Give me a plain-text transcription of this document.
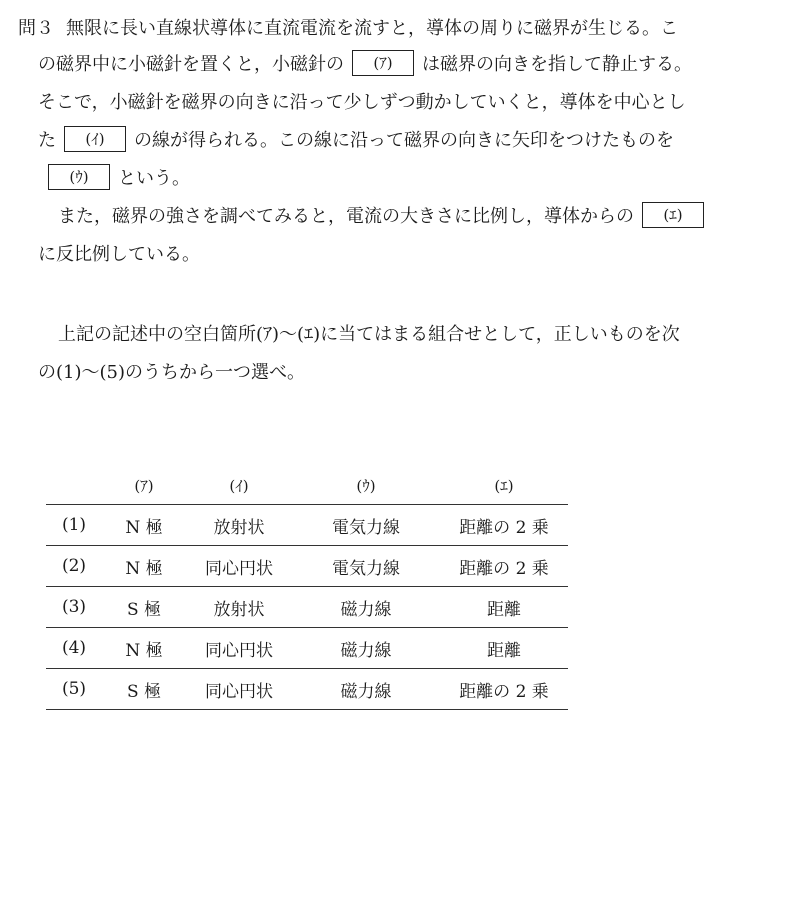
問３ 無限に長い直線状導体に直流電流を流すと，導体の周りに磁界が生じる。こ
の磁界中に小磁針を置くと，小磁針の (ｱ) は磁界の向きを指して静止する。
そこで，小磁針を磁界の向きに沿って少しずつ動かしていくと，導体を中心とし
た (ｲ) の線が得られる。この線に沿って磁界の向きに矢印をつけたものを
(ｳ) という。
また，磁界の強さを調べてみると，電流の大きさに比例し，導体からの (ｴ)
に反比例している。
上記の記述中の空白箇所(ｱ)～(ｴ)に当てはまる組合せとして，正しいものを次
の(1)～(5)のうちから一つ選べ。
	(ｱ)	(ｲ)	(ｳ)	(ｴ)
(1)	N 極	放射状	電気力線	距離の 2 乗
(2)	N 極	同心円状	電気力線	距離の 2 乗
(3)	S 極	放射状	磁力線	距離
(4)	N 極	同心円状	磁力線	距離
(5)	S 極	同心円状	磁力線	距離の 2 乗
